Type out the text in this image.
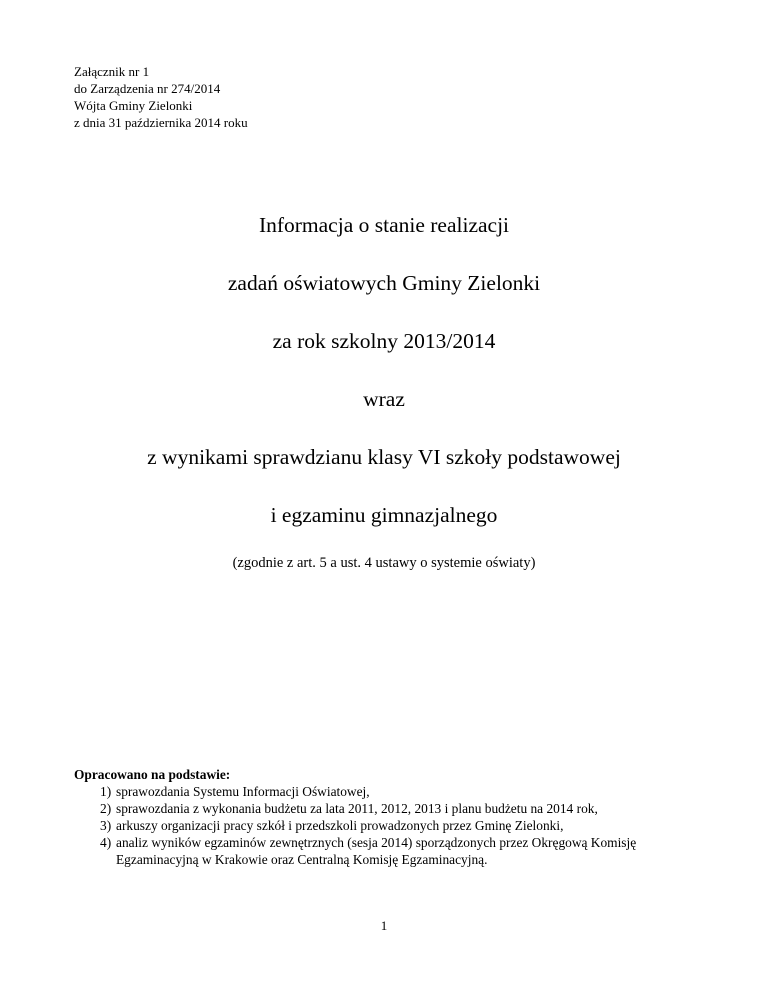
Załącznik nr 1
do Zarządzenia nr 274/2014
Wójta Gminy Zielonki
z dnia 31 października 2014 roku
Informacja o stanie realizacji
zadań oświatowych Gminy Zielonki
za rok szkolny 2013/2014
wraz
z wynikami sprawdzianu klasy VI szkoły podstawowej
i egzaminu gimnazjalnego
(zgodnie z art. 5 a ust. 4 ustawy o systemie oświaty)
Opracowano na podstawie:
1) sprawozdania Systemu Informacji Oświatowej,
2) sprawozdania z wykonania budżetu za lata 2011, 2012, 2013 i planu budżetu na 2014 rok,
3) arkuszy organizacji pracy szkół i przedszkoli prowadzonych przez Gminę Zielonki,
4) analiz wyników egzaminów zewnętrznych (sesja 2014) sporządzonych przez Okręgową Komisję Egzaminacyjną w Krakowie oraz Centralną Komisję Egzaminacyjną.
1
